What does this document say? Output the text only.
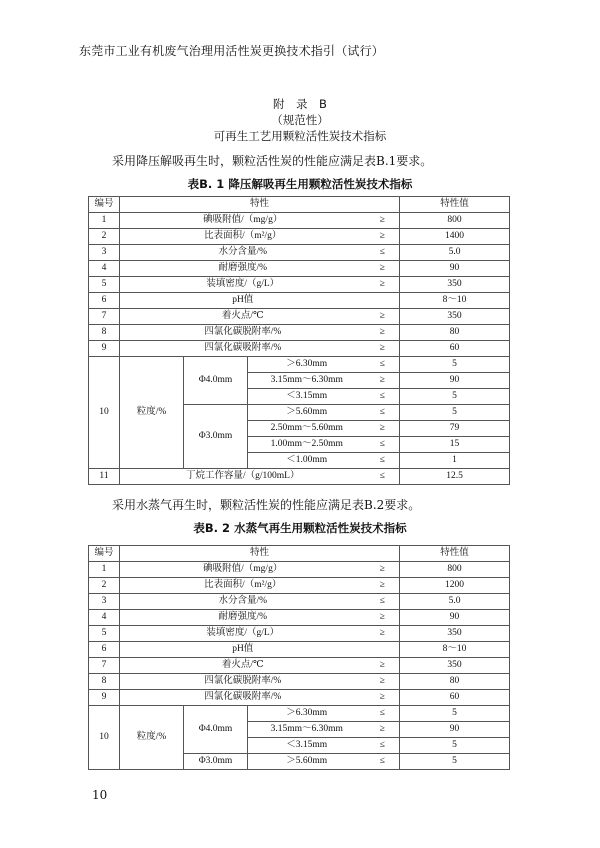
东莞市工业有机废气治理用活性炭更换技术指引（试行）
附　录　B
（规范性）
可再生工艺用颗粒活性炭技术指标
采用降压解吸再生时，颗粒活性炭的性能应满足表B.1要求。
表B. 1 降压解吸再生用颗粒活性炭技术指标
编号	特性				特性值
1	碘吸附值/（mg/g）			≥	800
2	比表面积/（m²/g）			≥	1400
3	水分含量/%			≤	5.0
4	耐磨强度/%			≥	90
5	装填密度/（g/L）			≥	350
6	pH值				8～10
7	着火点/℃			≥	350
8	四氯化碳脱附率/%			≥	80
9	四氯化碳吸附率/%			≥	60
10	粒度/%	Φ4.0mm	＞6.30mm	≤	5
			3.15mm～6.30mm	≥	90
			＜3.15mm	≤	5
		Φ3.0mm	＞5.60mm	≤	5
			2.50mm～5.60mm	≥	79
			1.00mm～2.50mm	≤	15
			＜1.00mm	≤	1
11	丁烷工作容量/（g/100mL）			≤	12.5
采用水蒸气再生时，颗粒活性炭的性能应满足表B.2要求。
表B. 2 水蒸气再生用颗粒活性炭技术指标
编号	特性				特性值
1	碘吸附值/（mg/g）			≥	800
2	比表面积/（m²/g）			≥	1200
3	水分含量/%			≤	5.0
4	耐磨强度/%			≥	90
5	装填密度/（g/L）			≥	350
6	pH值				8～10
7	着火点/℃			≥	350
8	四氯化碳脱附率/%			≥	80
9	四氯化碳吸附率/%			≥	60
10	粒度/%	Φ4.0mm	＞6.30mm	≤	5
			3.15mm～6.30mm	≥	90
			＜3.15mm	≤	5
		Φ3.0mm	＞5.60mm	≤	5
10
